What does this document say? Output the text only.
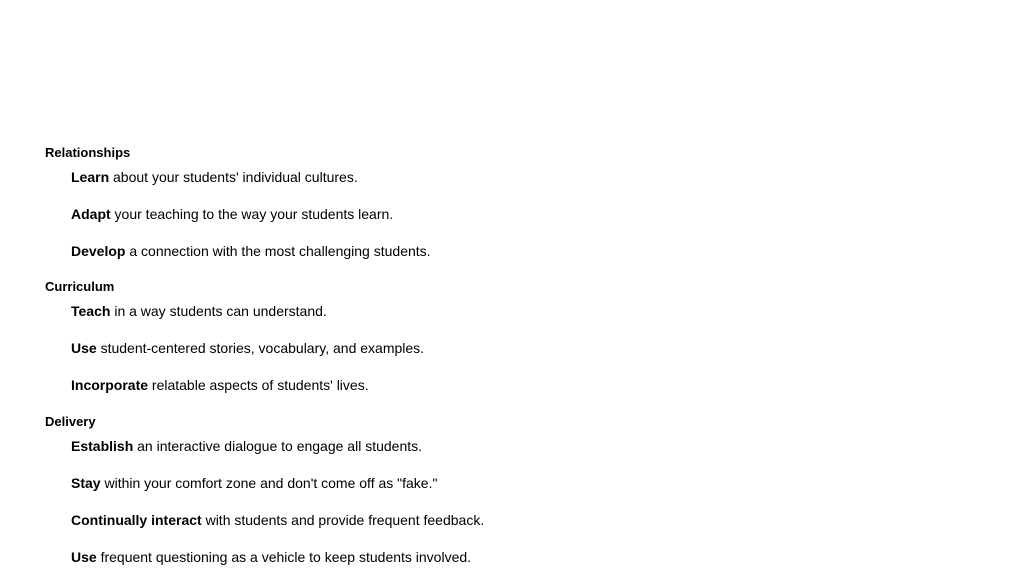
Relationships
Learn about your students' individual cultures.
Adapt your teaching to the way your students learn.
Develop a connection with the most challenging students.
Curriculum
Teach in a way students can understand.
Use student-centered stories, vocabulary, and examples.
Incorporate relatable aspects of students' lives.
Delivery
Establish an interactive dialogue to engage all students.
Stay within your comfort zone and don't come off as "fake."
Continually interact with students and provide frequent feedback.
Use frequent questioning as a vehicle to keep students involved.
